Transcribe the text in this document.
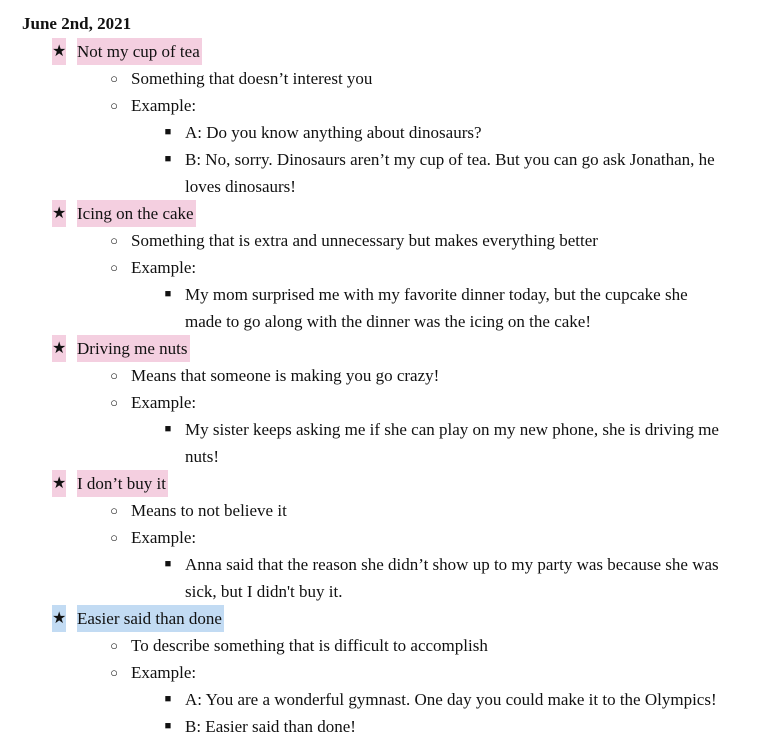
June 2nd, 2021
★ Not my cup of tea
○ Something that doesn’t interest you
○ Example:
■ A: Do you know anything about dinosaurs?
■ B: No, sorry. Dinosaurs aren’t my cup of tea. But you can go ask Jonathan, he
loves dinosaurs!
★ Icing on the cake
○ Something that is extra and unnecessary but makes everything better
○ Example:
■ My mom surprised me with my favorite dinner today, but the cupcake she
made to go along with the dinner was the icing on the cake!
★ Driving me nuts
○ Means that someone is making you go crazy!
○ Example:
■ My sister keeps asking me if she can play on my new phone, she is driving me
nuts!
★ I don’t buy it
○ Means to not believe it
○ Example:
■ Anna said that the reason she didn’t show up to my party was because she was
sick, but I didn't buy it.
★ Easier said than done
○ To describe something that is difficult to accomplish
○ Example:
■ A: You are a wonderful gymnast. One day you could make it to the Olympics!
■ B: Easier said than done!
